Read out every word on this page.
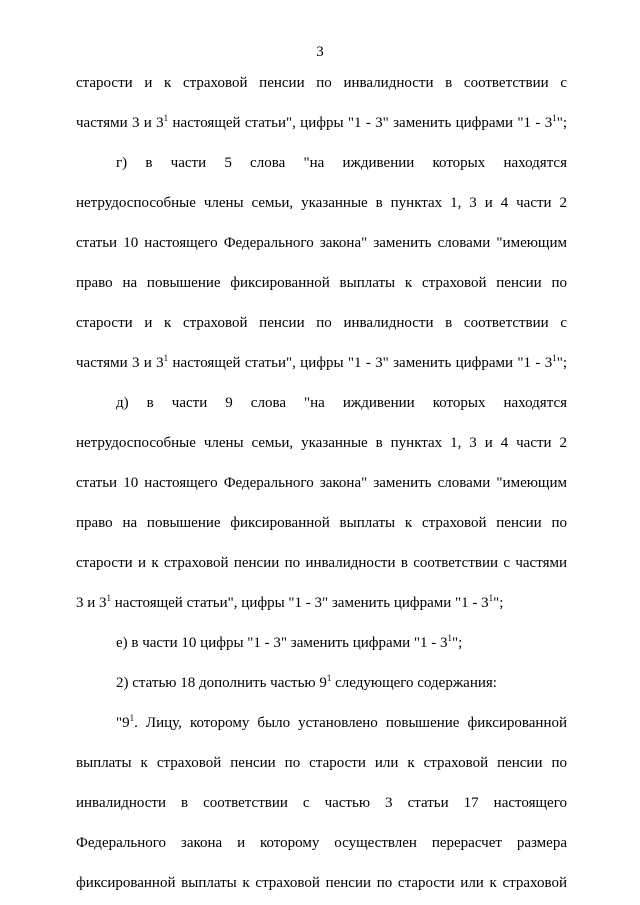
3
старости и к страховой пенсии по инвалидности в соответствии с
частями 3 и $3^1$ настоящей статьи", цифры "1 - 3" заменить цифрами "$1 - 3^1$";
г) в части 5 слова "на иждивении которых находятся
нетрудоспособные члены семьи, указанные в пунктах 1, 3 и 4 части 2
статьи 10 настоящего Федерального закона" заменить словами "имеющим
право на повышение фиксированной выплаты к страховой пенсии по
старости и к страховой пенсии по инвалидности в соответствии с
частями 3 и $3^1$ настоящей статьи", цифры "1 - 3" заменить цифрами "$1 - 3^1$";
д) в части 9 слова "на иждивении которых находятся
нетрудоспособные члены семьи, указанные в пунктах 1, 3 и 4 части 2
статьи 10 настоящего Федерального закона" заменить словами "имеющим
право на повышение фиксированной выплаты к страховой пенсии по
старости и к страховой пенсии по инвалидности в соответствии с частями
3 и $3^1$ настоящей статьи", цифры "1 - 3" заменить цифрами "$1 - 3^1$";
е) в части 10 цифры "1 - 3" заменить цифрами "$1 - 3^1$";
2) статью 18 дополнить частью $9^1$ следующего содержания:
"$9^1$. Лицу, которому было установлено повышение фиксированной
выплаты к страховой пенсии по старости или к страховой пенсии по
инвалидности в соответствии с частью 3 статьи 17 настоящего
Федерального закона и которому осуществлен перерасчет размера
фиксированной выплаты к страховой пенсии по старости или к страховой
